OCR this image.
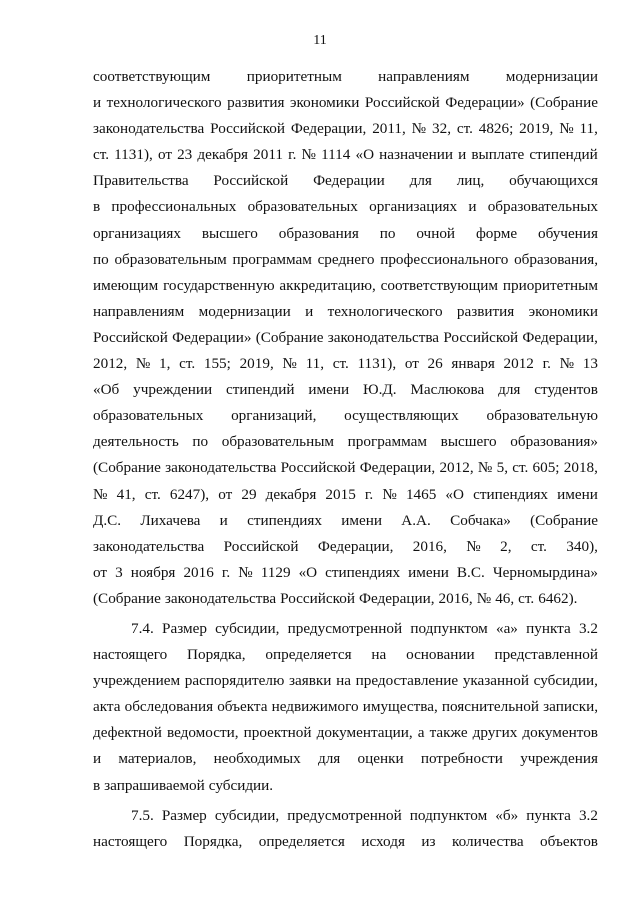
11
соответствующим приоритетным направлениям модернизации
и технологического развития экономики Российской Федерации» (Собрание
законодательства Российской Федерации, 2011, № 32, ст. 4826; 2019, № 11,
ст. 1131), от 23 декабря 2011 г. № 1114 «О назначении и выплате стипендий
Правительства Российской Федерации для лиц, обучающихся
в профессиональных образовательных организациях и образовательных
организациях высшего образования по очной форме обучения
по образовательным программам среднего профессионального образования,
имеющим государственную аккредитацию, соответствующим приоритетным
направлениям модернизации и технологического развития экономики
Российской Федерации» (Собрание законодательства Российской Федерации,
2012, № 1, ст. 155; 2019, № 11, ст. 1131), от 26 января 2012 г. № 13
«Об учреждении стипендий имени Ю.Д. Маслюкова для студентов
образовательных организаций, осуществляющих образовательную
деятельность по образовательным программам высшего образования»
(Собрание законодательства Российской Федерации, 2012, № 5, ст. 605; 2018,
№ 41, ст. 6247), от 29 декабря 2015 г. № 1465 «О стипендиях имени
Д.С. Лихачева и стипендиях имени А.А. Собчака» (Собрание
законодательства Российской Федерации, 2016, № 2, ст. 340),
от 3 ноября 2016 г. № 1129 «О стипендиях имени В.С. Черномырдина»
(Собрание законодательства Российской Федерации, 2016, № 46, ст. 6462).
7.4. Размер субсидии, предусмотренной подпунктом «а» пункта 3.2
настоящего Порядка, определяется на основании представленной
учреждением распорядителю заявки на предоставление указанной субсидии,
акта обследования объекта недвижимого имущества, пояснительной записки,
дефектной ведомости, проектной документации, а также других документов
и материалов, необходимых для оценки потребности учреждения
в запрашиваемой субсидии.
7.5. Размер субсидии, предусмотренной подпунктом «б» пункта 3.2
настоящего Порядка, определяется исходя из количества объектов
